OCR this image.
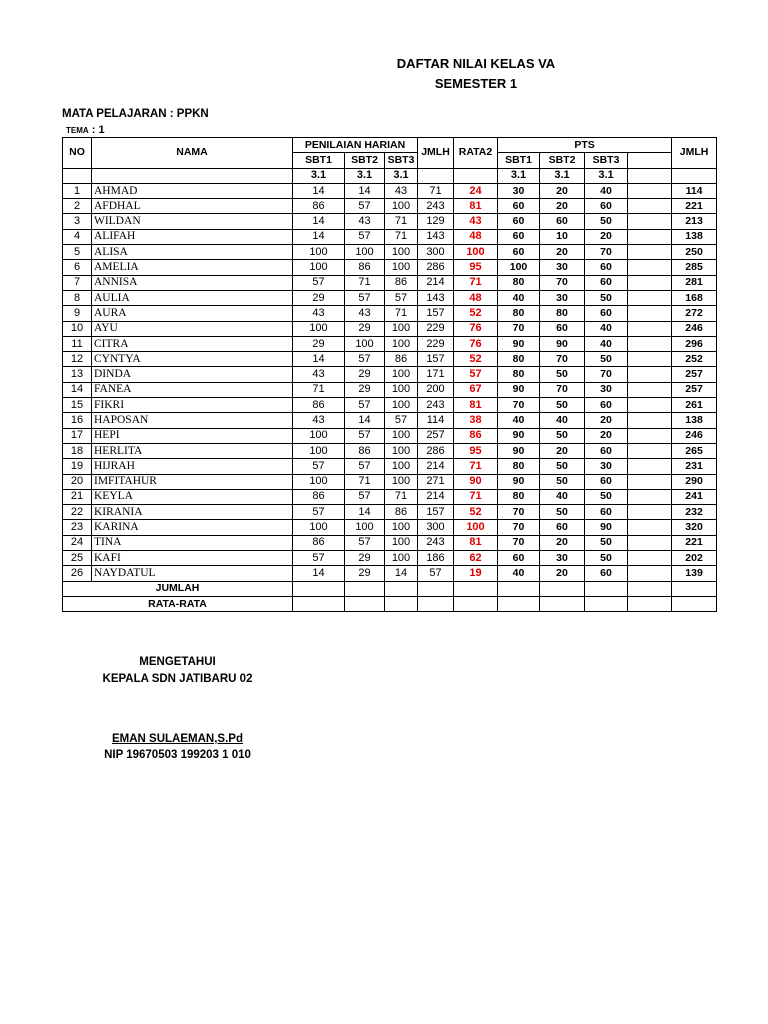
DAFTAR NILAI KELAS VA
SEMESTER 1
MATA PELAJARAN : PPKN
TEMA : 1
NO	NAMA	PENILAIAN HARIAN			JMLH	RATA2	PTS				JMLH
		SBT1	SBT2	SBT3			SBT1	SBT2	SBT3		
		3.1	3.1	3.1			3.1	3.1	3.1		
1	AHMAD	14	14	43	71	24	30	20	40		114
2	AFDHAL	86	57	100	243	81	60	20	60		221
3	WILDAN	14	43	71	129	43	60	60	50		213
4	ALIFAH	14	57	71	143	48	60	10	20		138
5	ALISA	100	100	100	300	100	60	20	70		250
6	AMELIA	100	86	100	286	95	100	30	60		285
7	ANNISA	57	71	86	214	71	80	70	60		281
8	AULIA	29	57	57	143	48	40	30	50		168
9	AURA	43	43	71	157	52	80	80	60		272
10	AYU	100	29	100	229	76	70	60	40		246
11	CITRA	29	100	100	229	76	90	90	40		296
12	CYNTYA	14	57	86	157	52	80	70	50		252
13	DINDA	43	29	100	171	57	80	50	70		257
14	FANEA	71	29	100	200	67	90	70	30		257
15	FIKRI	86	57	100	243	81	70	50	60		261
16	HAPOSAN	43	14	57	114	38	40	40	20		138
17	HEPI	100	57	100	257	86	90	50	20		246
18	HERLITA	100	86	100	286	95	90	20	60		265
19	HIJRAH	57	57	100	214	71	80	50	30		231
20	IMFITAHUR	100	71	100	271	90	90	50	60		290
21	KEYLA	86	57	71	214	71	80	40	50		241
22	KIRANIA	57	14	86	157	52	70	50	60		232
23	KARINA	100	100	100	300	100	70	60	90		320
24	TINA	86	57	100	243	81	70	20	50		221
25	KAFI	57	29	100	186	62	60	30	50		202
26	NAYDATUL	14	29	14	57	19	40	20	60		139
JUMLAH											
RATA-RATA											
MENGETAHUI
KEPALA SDN JATIBARU 02
EMAN SULAEMAN,S.Pd
NIP 19670503 199203 1 010
